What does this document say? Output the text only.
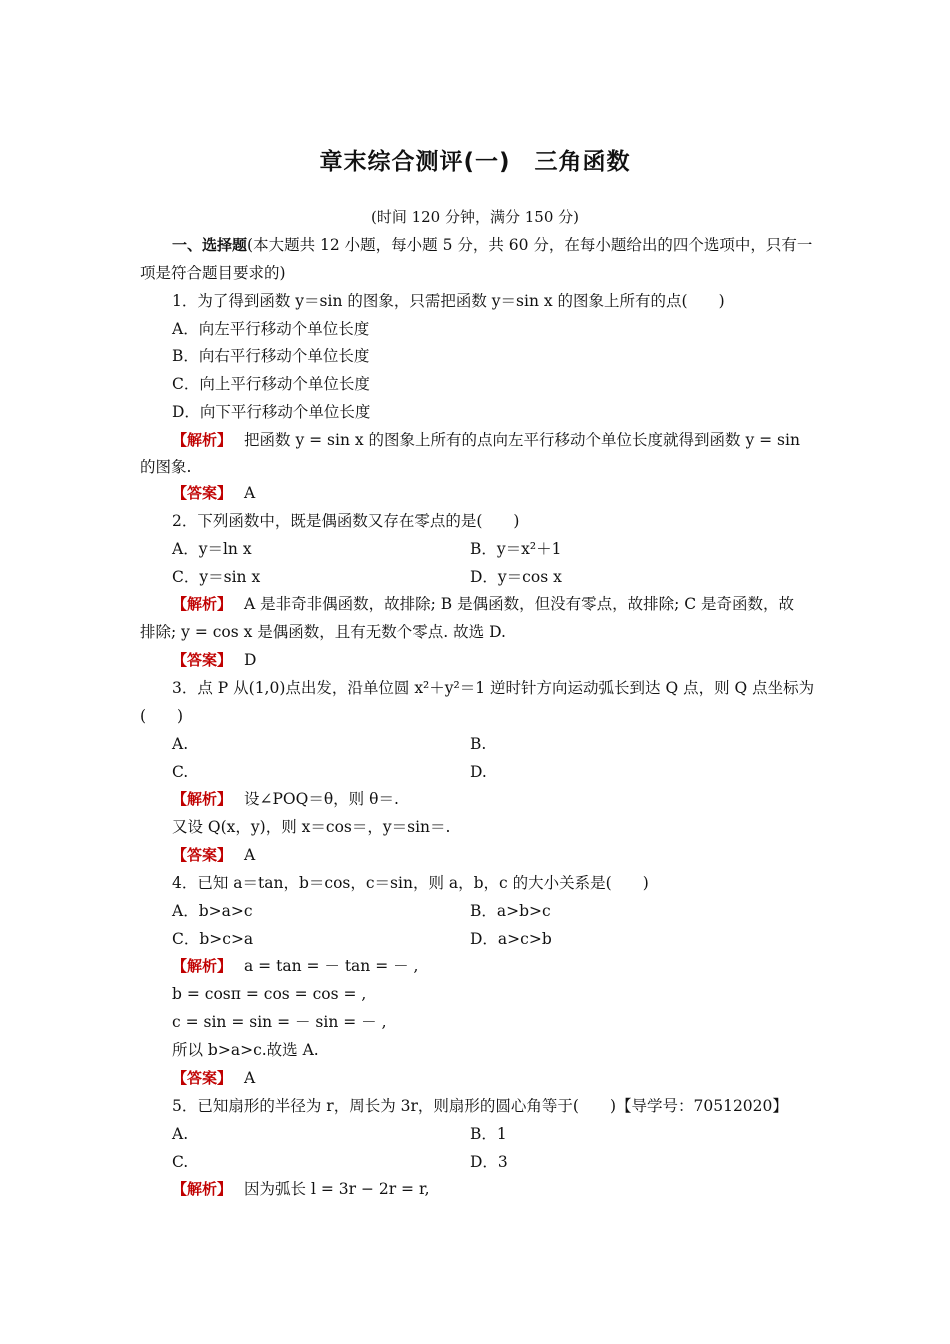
章末综合测评(一)　三角函数
(时间 120 分钟，满分 150 分)
一、选择题(本大题共 12 小题，每小题 5 分，共 60 分，在每小题给出的四个选项中，只有一
项是符合题目要求的)
1．为了得到函数 y＝sin 的图象，只需把函数 y＝sin x 的图象上所有的点(　　)
A．向左平行移动个单位长度
B．向右平行移动个单位长度
C．向上平行移动个单位长度
D．向下平行移动个单位长度
【解析】 把函数 y = sin x 的图象上所有的点向左平行移动个单位长度就得到函数 y = sin
的图象.
【答案】 A
2．下列函数中，既是偶函数又存在零点的是(　　)
A．y＝ln x	B．y＝x²＋1
C．y＝sin x	D．y＝cos x
【解析】 A 是非奇非偶函数，故排除; B 是偶函数，但没有零点，故排除; C 是奇函数，故
排除; y = cos x 是偶函数，且有无数个零点. 故选 D.
【答案】 D
3．点 P 从(1,0)点出发，沿单位圆 x²＋y²＝1 逆时针方向运动弧长到达 Q 点，则 Q 点坐标为
(　　)
A.	B.
C.	D.
【解析】 设∠POQ＝θ，则 θ＝.
又设 Q(x，y)，则 x＝cos＝，y＝sin＝.
【答案】 A
4．已知 a＝tan，b＝cos，c＝sin，则 a，b，c 的大小关系是(　　)
A．b>a>c	B．a>b>c
C．b>c>a	D．a>c>b
【解析】 a = tan = － tan = － ,
b = cosπ = cos = cos = ,
c = sin = sin = － sin = － ,
所以 b>a>c.故选 A.
【答案】 A
5．已知扇形的半径为 r，周长为 3r，则扇形的圆心角等于(　　)【导学号：70512020】
A.	B．1
C.	D．3
【解析】 因为弧长 l = 3r − 2r = r,
